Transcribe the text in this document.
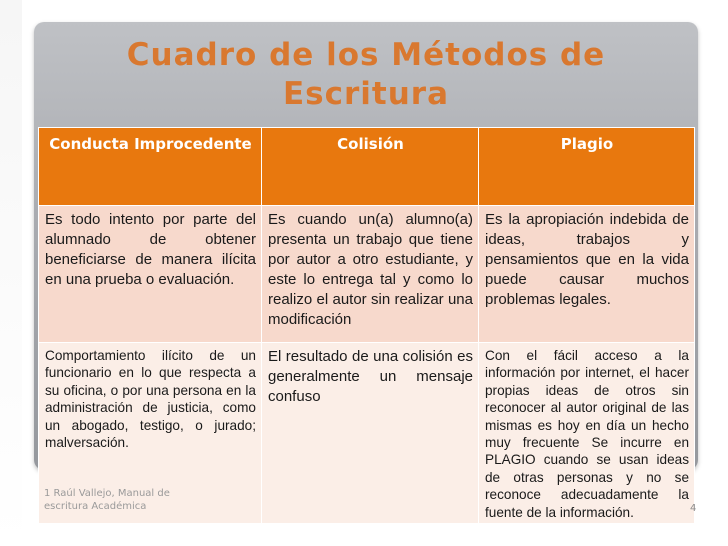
Cuadro de los Métodos de
Escritura
Conducta Improcedente	Colisión	Plagio
Es todo intento por parte del alumnado de obtener beneficiarse de manera ilícita en una prueba o evaluación.	Es cuando un(a) alumno(a) presenta un trabajo que tiene por autor a otro estudiante, y este lo entrega tal y como lo realizo el autor sin realizar una modificación	Es la apropiación indebida de ideas, trabajos y pensamientos que en la vida puede causar muchos problemas legales.
Comportamiento ilícito de un funcionario en lo que respecta a su oficina, o por una persona en la administración de justicia, como un abogado, testigo, o jurado; malversación.	El resultado de una colisión es generalmente un mensaje confuso	Con el fácil acceso a la información por internet, el hacer propias ideas de otros sin reconocer al autor original de las mismas es hoy en día un hecho muy frecuente Se incurre en PLAGIO cuando se usan ideas de otras personas y no se reconoce adecuadamente la fuente de la información.
1 Raúl Vallejo, Manual de escritura Académica	4
